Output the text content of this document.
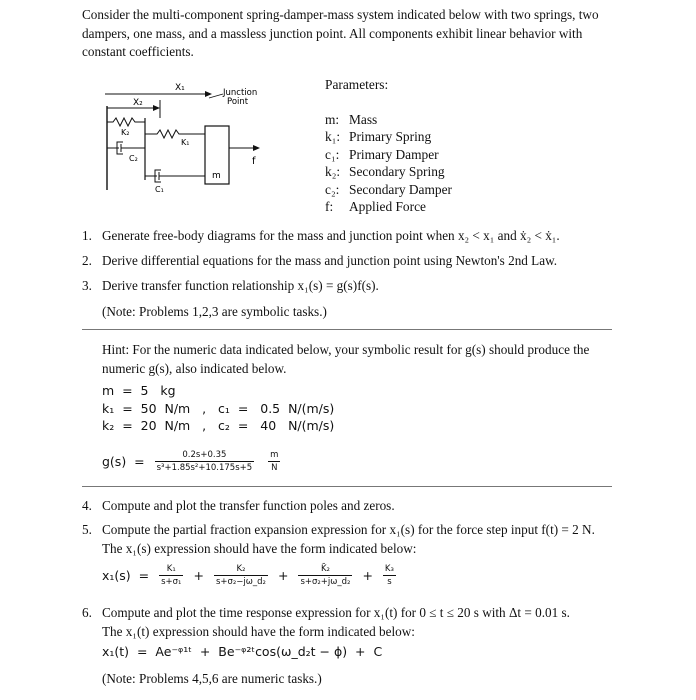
Consider the multi-component spring-damper-mass system indicated below with two springs, two dampers, one mass, and a massless junction point. All components exhibit linear behavior with constant coefficients.
X₁
X₂
Junction
Point
K₂
C₂
K₁
C₁
m
f
Parameters:
m: Mass
k₁: Primary Spring
c₁: Primary Damper
k₂: Secondary Spring
c₂: Secondary Damper
f: Applied Force
1. Generate free-body diagrams for the mass and junction point when x₂ < x₁ and ẋ₂ < ẋ₁.
2. Derive differential equations for the mass and junction point using Newton's 2nd Law.
3. Derive transfer function relationship x₁(s) = g(s)f(s).
(Note: Problems 1,2,3 are symbolic tasks.)
Hint: For the numeric data indicated below, your symbolic result for g(s) should produce the numeric g(s), also indicated below.
m  =  5   kg
k₁  =  50  N/m   ,   c₁  =   0.5  N/(m/s)
k₂  =  20  N/m   ,   c₂  =   40   N/(m/s)
$g(s) = \frac{0.2s+0.35}{\text{s³+1.85s²+10.175s+5}}$
$\frac{m}{N}$
4. Compute and plot the transfer function poles and zeros.
5. Compute the partial fraction expansion expression for x₁(s) for the force step input f(t) = 2 N.
The x₁(s) expression should have the form indicated below:
$x_1(s) = \frac{\text{K₁}}{\text{s+σ₁}} + \frac{\text{K₂}}{\text{s+σ₂−jω\_d₂}} + \frac{\text{K̄₂}}{\text{s+σ₂+jω\_d₂}} + \frac{\text{K₃}}{s}$
6. Compute and plot the time response expression for x₁(t) for 0 ≤ t ≤ 20 s with Δt = 0.01 s.
The x₁(t) expression should have the form indicated below:
x₁(t)  =  Ae⁻ᵠ¹ᵗ  +  Be⁻ᵠ²ᵗcos(ω_d₂t − ϕ)  +  C
(Note: Problems 4,5,6 are numeric tasks.)
